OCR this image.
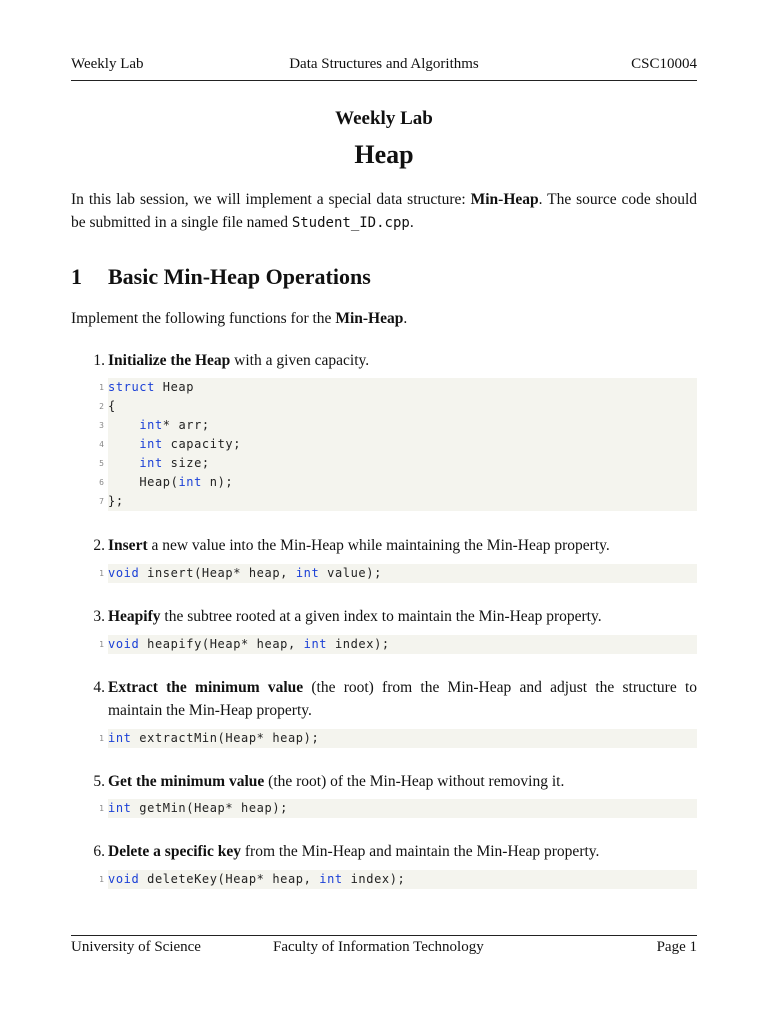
Weekly Lab	Data Structures and Algorithms	CSC10004
Weekly Lab
Heap
In this lab session, we will implement a special data structure: Min-Heap. The source code should be submitted in a single file named Student_ID.cpp.
1 Basic Min-Heap Operations
Implement the following functions for the Min-Heap.
1. Initialize the Heap with a given capacity.
1 struct Heap
2 {
3	int* arr;
4	int capacity;
5	int size;
6	Heap(int n);
7 };
2. Insert a new value into the Min-Heap while maintaining the Min-Heap property.
1 void insert(Heap* heap, int value);
3. Heapify the subtree rooted at a given index to maintain the Min-Heap property.
1 void heapify(Heap* heap, int index);
4. Extract the minimum value (the root) from the Min-Heap and adjust the structure to maintain the Min-Heap property.
1 int extractMin(Heap* heap);
5. Get the minimum value (the root) of the Min-Heap without removing it.
1 int getMin(Heap* heap);
6. Delete a specific key from the Min-Heap and maintain the Min-Heap property.
1 void deleteKey(Heap* heap, int index);
University of Science	Faculty of Information Technology	Page 1
